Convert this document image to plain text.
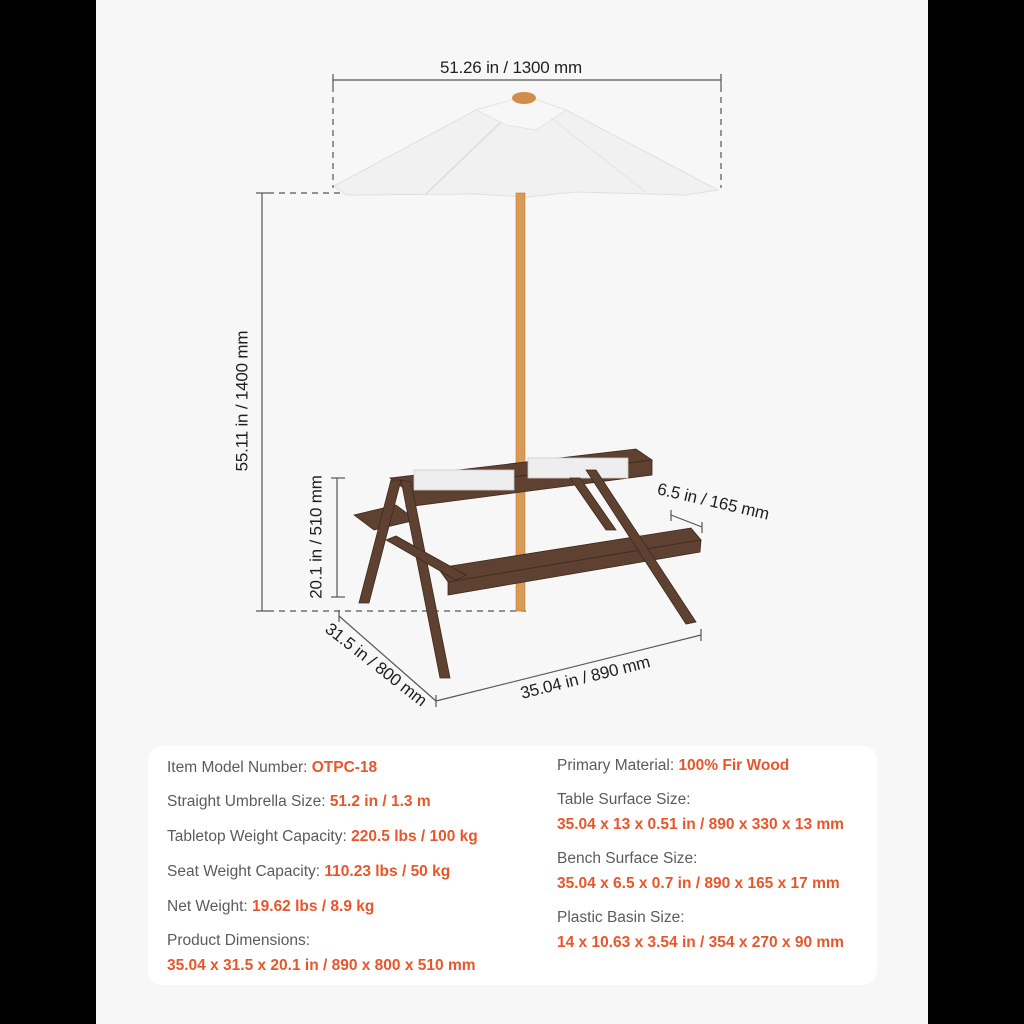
51.26 in / 1300 mm
55.11 in / 1400 mm
20.1 in / 510 mm	6.5 in / 165 mm
31.5 in / 800 mm	35.04 in / 890 mm
Item Model Number: OTPC-18
Straight Umbrella Size: 51.2 in / 1.3 m
Tabletop Weight Capacity: 220.5 lbs / 100 kg
Seat Weight Capacity: 110.23 lbs / 50 kg
Net Weight: 19.62 lbs / 8.9 kg
Product Dimensions:
35.04 x 31.5 x 20.1 in / 890 x 800 x 510 mm
Primary Material: 100% Fir Wood
Table Surface Size:
35.04 x 13 x 0.51 in / 890 x 330 x 13 mm
Bench Surface Size:
35.04 x 6.5 x 0.7 in / 890 x 165 x 17 mm
Plastic Basin Size:
14 x 10.63 x 3.54 in / 354 x 270 x 90 mm
